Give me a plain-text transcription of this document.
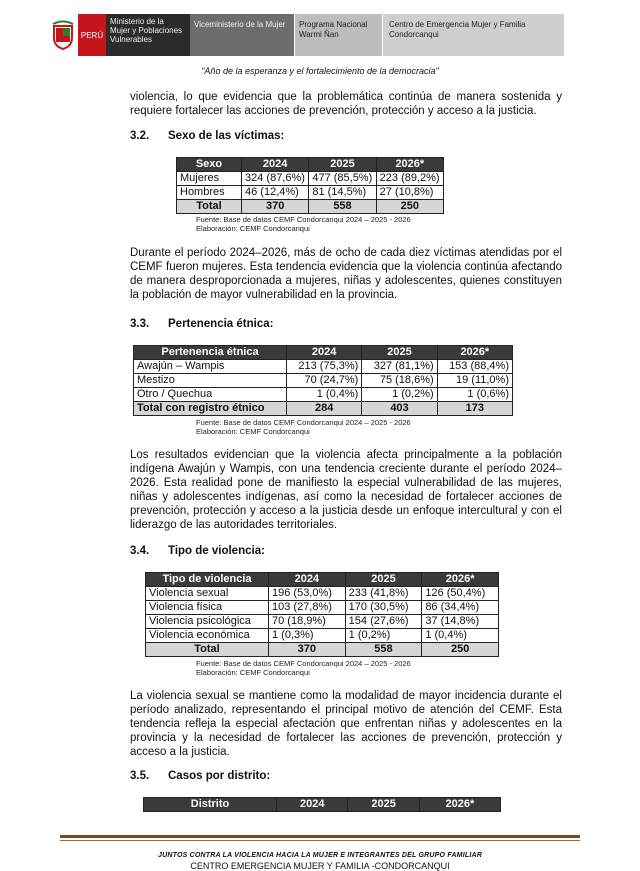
PERÚ
Ministerio de la Mujer y Poblaciones Vulnerables
Viceministerio de la Mujer	Programa Nacional Warmi Ñan
Centro de Emergencia Mujer y Familia Condorcanqui
"Año de la esperanza y el fortalecimiento de la democracia"

violencia, lo que evidencia que la problemática continúa de manera sostenida y requiere fortalecer las acciones de prevención, protección y acceso a la justicia.

3.2. Sexo de las víctimas:
Sexo	2024	2025	2026*
Mujeres	324 (87,6%)	477 (85,5%)	223 (89,2%)
Hombres	46 (12,4%)	81 (14,5%)	27 (10,8%)
Total	370	558	250
Fuente: Base de datos CEMF Condorcanqui 2024 – 2025 - 2026
Elaboración: CEMF Condorcanqui

Durante el período 2024–2026, más de ocho de cada diez víctimas atendidas por el CEMF fueron mujeres. Esta tendencia evidencia que la violencia continúa afectando de manera desproporcionada a mujeres, niñas y adolescentes, quienes constituyen la población de mayor vulnerabilidad en la provincia.

3.3. Pertenencia étnica:
Pertenencia étnica	2024	2025	2026*
Awajún – Wampis	213 (75,3%)	327 (81,1%)	153 (88,4%)
Mestizo	70 (24,7%)	75 (18,6%)	19 (11,0%)
Otro / Quechua	1 (0,4%)	1 (0,2%)	1 (0,6%)
Total con registro étnico	284	403	173
Fuente: Base de datos CEMF Condorcanqui 2024 – 2025 - 2026
Elaboración: CEMF Condorcanqui

Los resultados evidencian que la violencia afecta principalmente a la población indígena Awajún y Wampis, con una tendencia creciente durante el período 2024–2026. Esta realidad pone de manifiesto la especial vulnerabilidad de las mujeres, niñas y adolescentes indígenas, así como la necesidad de fortalecer acciones de prevención, protección y acceso a la justicia desde un enfoque intercultural y con el liderazgo de las autoridades territoriales.

3.4. Tipo de violencia:
Tipo de violencia	2024	2025	2026*
Violencia sexual	196 (53,0%)	233 (41,8%)	126 (50,4%)
Violencia física	103 (27,8%)	170 (30,5%)	86 (34,4%)
Violencia psicológica	70 (18,9%)	154 (27,6%)	37 (14,8%)
Violencia económica	1 (0,3%)	1 (0,2%)	1 (0,4%)
Total	370	558	250
Fuente: Base de datos CEMF Condorcanqui 2024 – 2025 - 2026
Elaboración: CEMF Condorcanqui

La violencia sexual se mantiene como la modalidad de mayor incidencia durante el período analizado, representando el principal motivo de atención del CEMF. Esta tendencia refleja la especial afectación que enfrentan niñas y adolescentes en la provincia y la necesidad de fortalecer las acciones de prevención, protección y acceso a la justicia.

3.5. Casos por distrito:
Distrito	2024	2025	2026*
JUNTOS CONTRA LA VIOLENCIA HACIA LA MUJER E INTEGRANTES DEL GRUPO FAMILIAR
CENTRO EMERGENCIA MUJER Y FAMILIA -CONDORCANQUI
